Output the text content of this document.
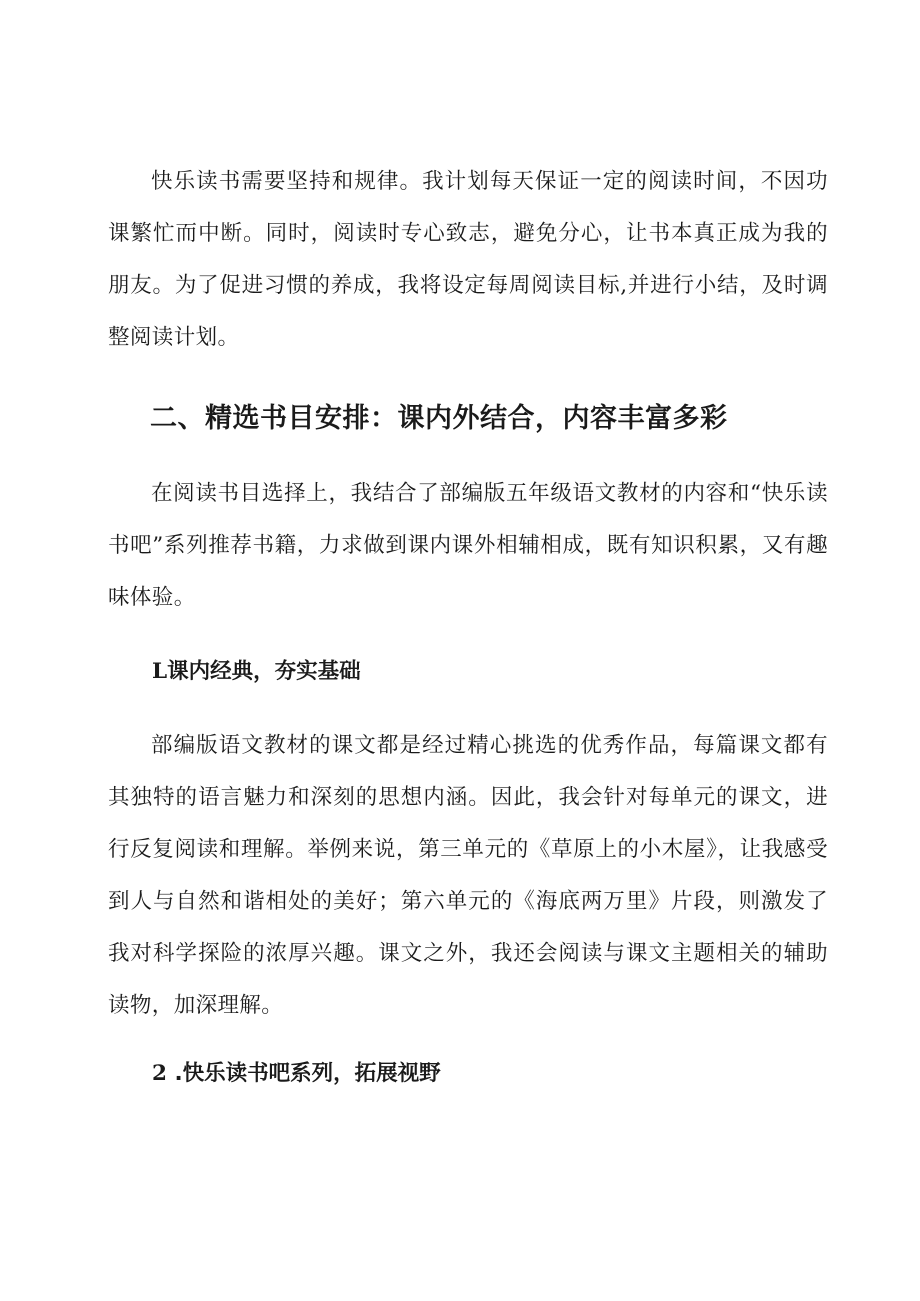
快乐读书需要坚持和规律。我计划每天保证一定的阅读时间，不因功课繁忙而中断。同时，阅读时专心致志，避免分心，让书本真正成为我的朋友。为了促进习惯的养成，我将设定每周阅读目标,并进行小结，及时调整阅读计划。

二、精选书目安排：课内外结合，内容丰富多彩

在阅读书目选择上，我结合了部编版五年级语文教材的内容和“快乐读书吧”系列推荐书籍，力求做到课内课外相辅相成，既有知识积累，又有趣味体验。

L课内经典，夯实基础

部编版语文教材的课文都是经过精心挑选的优秀作品，每篇课文都有其独特的语言魅力和深刻的思想内涵。因此，我会针对每单元的课文，进行反复阅读和理解。举例来说，第三单元的《草原上的小木屋》，让我感受到人与自然和谐相处的美好；第六单元的《海底两万里》片段，则激发了我对科学探险的浓厚兴趣。课文之外，我还会阅读与课文主题相关的辅助读物，加深理解。

2 .快乐读书吧系列，拓展视野
